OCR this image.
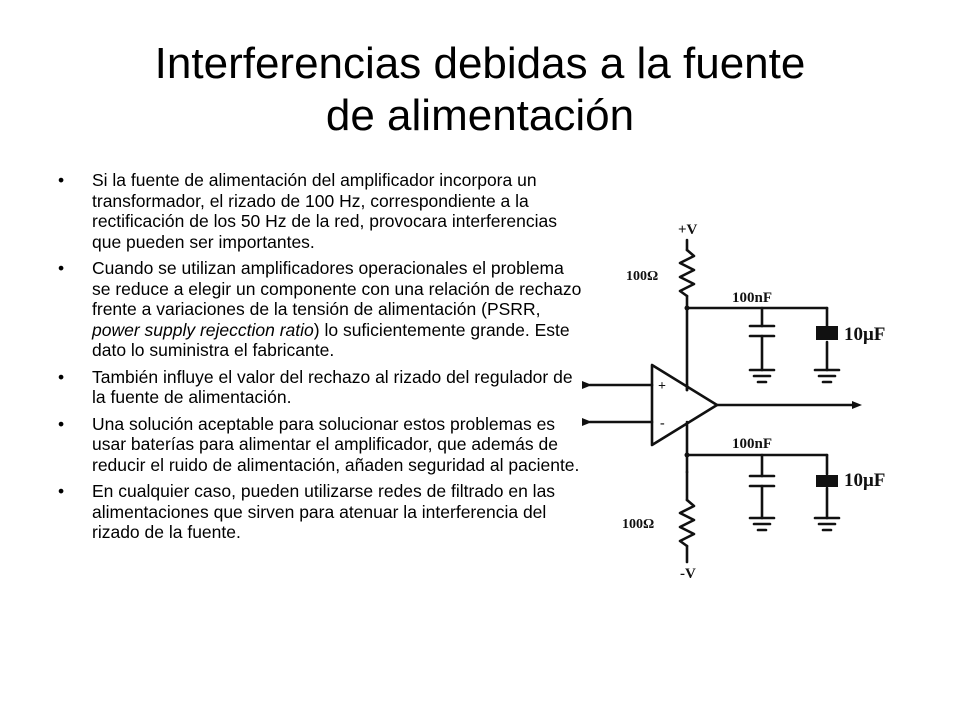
Interferencias debidas a la fuente
de alimentación
• Si la fuente de alimentación del amplificador incorpora un transformador, el rizado de 100 Hz, correspondiente a la rectificación de los 50 Hz de la red, provocara interferencias que pueden ser importantes.
• Cuando se utilizan amplificadores operacionales el problema se reduce a elegir un componente con una relación de rechazo frente a variaciones de la tensión de alimentación (PSRR, power supply rejecction ratio) lo suficientemente grande. Este dato lo suministra el fabricante.
• También influye el valor del rechazo al rizado del regulador de la fuente de alimentación.
• Una solución aceptable para solucionar estos problemas es usar baterías para alimentar el amplificador, que además de reducir el ruido de alimentación, añaden seguridad al paciente.
• En cualquier caso, pueden utilizarse redes de filtrado en las alimentaciones que sirven para atenuar la interferencia del rizado de la fuente.
+V
100Ω
100nF
10μF
+
-
100nF
10μF
100Ω
-V
